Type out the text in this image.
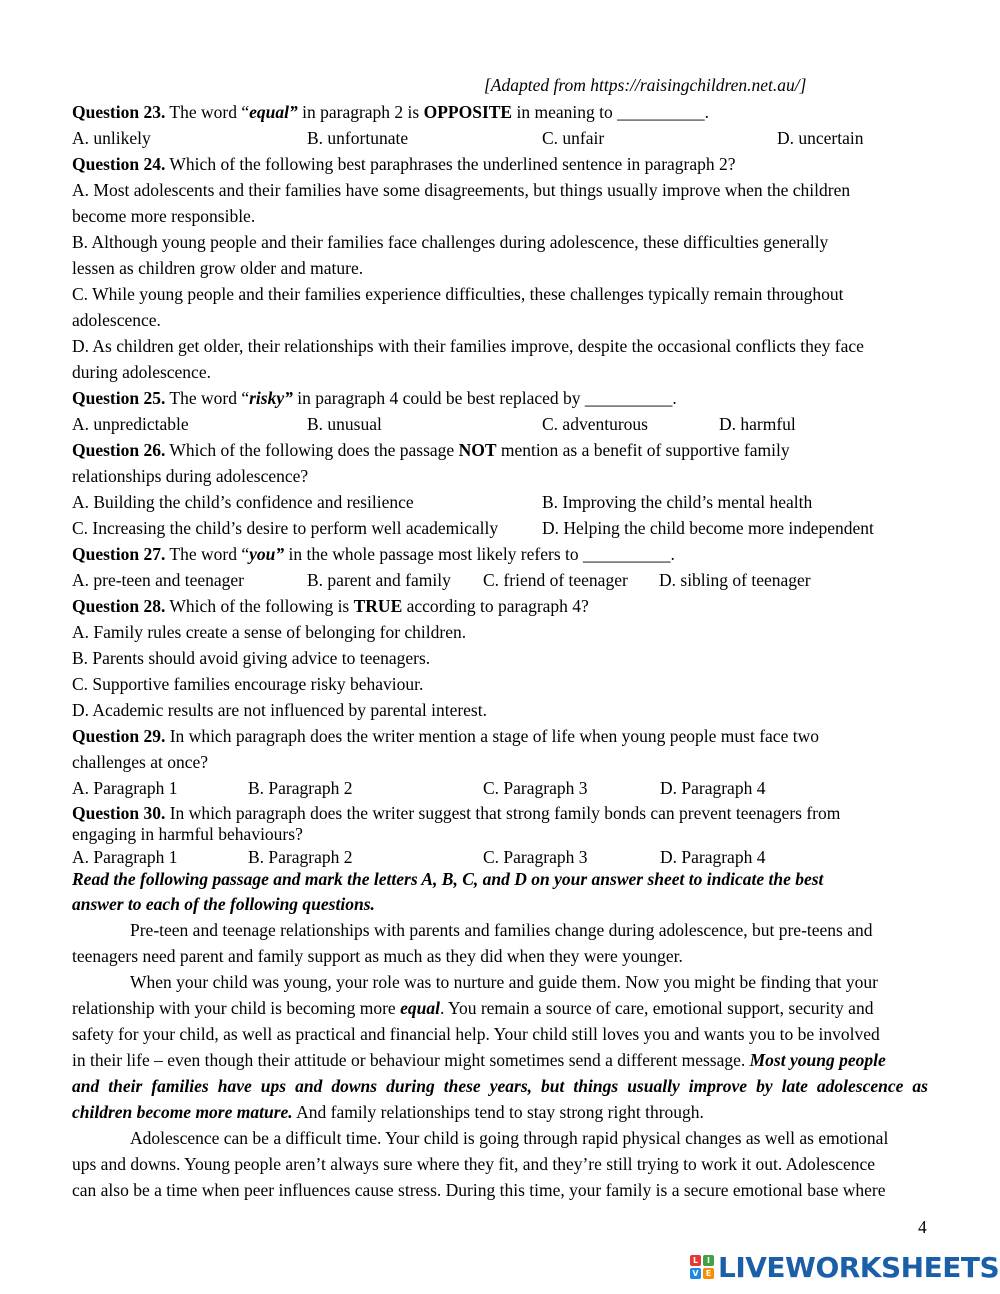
[Adapted from https://raisingchildren.net.au/]
Question 23. The word “equal” in paragraph 2 is OPPOSITE in meaning to __________.
A. unlikely	B. unfortunate	C. unfair	D. uncertain
Question 24. Which of the following best paraphrases the underlined sentence in paragraph 2?
A. Most adolescents and their families have some disagreements, but things usually improve when the children
become more responsible.
B. Although young people and their families face challenges during adolescence, these difficulties generally
lessen as children grow older and mature.
C. While young people and their families experience difficulties, these challenges typically remain throughout
adolescence.
D. As children get older, their relationships with their families improve, despite the occasional conflicts they face
during adolescence.
Question 25. The word “risky” in paragraph 4 could be best replaced by __________.
A. unpredictable	B. unusual	C. adventurous	D. harmful
Question 26. Which of the following does the passage NOT mention as a benefit of supportive family
relationships during adolescence?
A. Building the child’s confidence and resilience	B. Improving the child’s mental health
C. Increasing the child’s desire to perform well academically	D. Helping the child become more independent
Question 27. The word “you” in the whole passage most likely refers to __________.
A. pre-teen and teenager	B. parent and family C. friend of teenager D. sibling of teenager
Question 28. Which of the following is TRUE according to paragraph 4?
A. Family rules create a sense of belonging for children.
B. Parents should avoid giving advice to teenagers.
C. Supportive families encourage risky behaviour.
D. Academic results are not influenced by parental interest.
Question 29. In which paragraph does the writer mention a stage of life when young people must face two
challenges at once?
A. Paragraph 1	B. Paragraph 2	C. Paragraph 3	D. Paragraph 4
Question 30. In which paragraph does the writer suggest that strong family bonds can prevent teenagers from
engaging in harmful behaviours?
A. Paragraph 1	B. Paragraph 2	C. Paragraph 3	D. Paragraph 4
Read the following passage and mark the letters A, B, C, and D on your answer sheet to indicate the best
answer to each of the following questions.
Pre-teen and teenage relationships with parents and families change during adolescence, but pre-teens and
teenagers need parent and family support as much as they did when they were younger.
When your child was young, your role was to nurture and guide them. Now you might be finding that your
relationship with your child is becoming more equal. You remain a source of care, emotional support, security and
safety for your child, as well as practical and financial help. Your child still loves you and wants you to be involved
in their life – even though their attitude or behaviour might sometimes send a different message. Most young people
and their families have ups and downs during these years, but things usually improve by late adolescence as
children become more mature. And family relationships tend to stay strong right through.
Adolescence can be a difficult time. Your child is going through rapid physical changes as well as emotional
ups and downs. Young people aren’t always sure where they fit, and they’re still trying to work it out. Adolescence
can also be a time when peer influences cause stress. During this time, your family is a secure emotional base where
4
L	I
V E LIVEWORKSHEETS
